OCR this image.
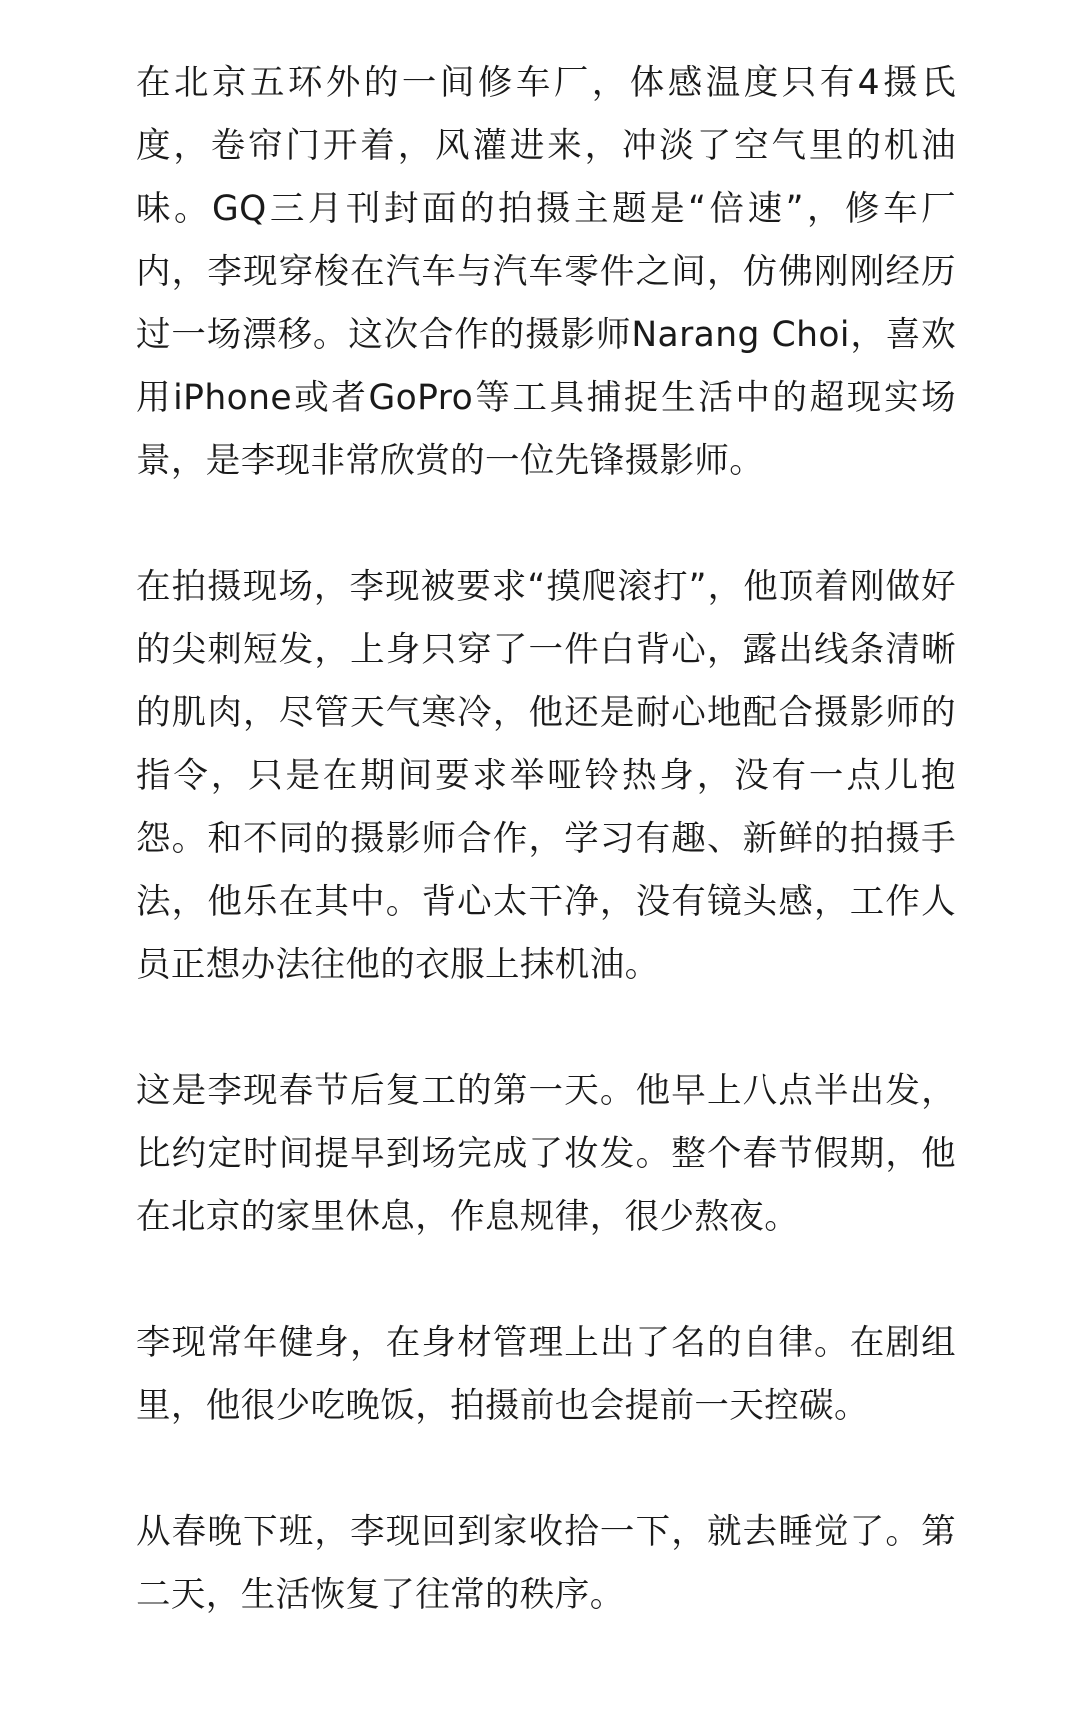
在北京五环外的一间修车厂，体感温度只有4摄氏度，卷帘门开着，风灌进来，冲淡了空气里的机油味。GQ三月刊封面的拍摄主题是“倍速”，修车厂内，李现穿梭在汽车与汽车零件之间，仿佛刚刚经历过一场漂移。这次合作的摄影师Narang Choi，喜欢用iPhone或者GoPro等工具捕捉生活中的超现实场景，是李现非常欣赏的一位先锋摄影师。

在拍摄现场，李现被要求“摸爬滚打”，他顶着刚做好的尖刺短发，上身只穿了一件白背心，露出线条清晰的肌肉，尽管天气寒冷，他还是耐心地配合摄影师的指令，只是在期间要求举哑铃热身，没有一点儿抱怨。和不同的摄影师合作，学习有趣、新鲜的拍摄手法，他乐在其中。背心太干净，没有镜头感，工作人员正想办法往他的衣服上抹机油。

这是李现春节后复工的第一天。他早上八点半出发，比约定时间提早到场完成了妆发。整个春节假期，他在北京的家里休息，作息规律，很少熬夜。

李现常年健身，在身材管理上出了名的自律。在剧组里，他很少吃晚饭，拍摄前也会提前一天控碳。

从春晚下班，李现回到家收拾一下，就去睡觉了。第二天，生活恢复了往常的秩序。
